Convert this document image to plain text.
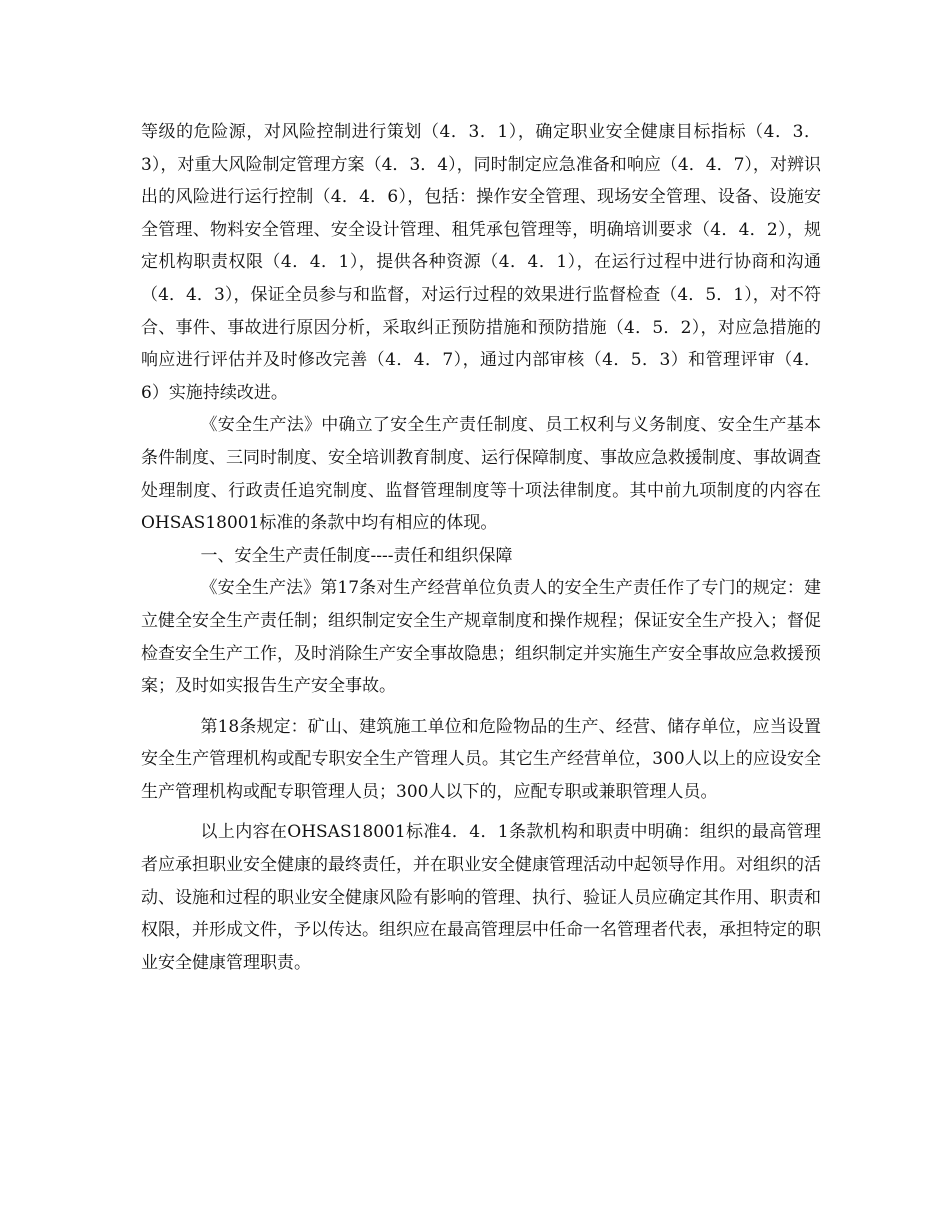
等级的危险源，对风险控制进行策划（4．3．1），确定职业安全健康目标指标（4．3．3），对重大风险制定管理方案（4．3．4），同时制定应急准备和响应（4．4．7），对辨识出的风险进行运行控制（4．4．6），包括：操作安全管理、现场安全管理、设备、设施安全管理、物料安全管理、安全设计管理、租凭承包管理等，明确培训要求（4．4．2），规定机构职责权限（4．4．1），提供各种资源（4．4．1），在运行过程中进行协商和沟通（4．4．3），保证全员参与和监督，对运行过程的效果进行监督检查（4．5．1），对不符合、事件、事故进行原因分析，采取纠正预防措施和预防措施（4．5．2），对应急措施的响应进行评估并及时修改完善（4．4．7），通过内部审核（4．5．3）和管理评审（4．6）实施持续改进。

《安全生产法》中确立了安全生产责任制度、员工权利与义务制度、安全生产基本条件制度、三同时制度、安全培训教育制度、运行保障制度、事故应急救援制度、事故调查处理制度、行政责任追究制度、监督管理制度等十项法律制度。其中前九项制度的内容在OHSAS18001标准的条款中均有相应的体现。

一、安全生产责任制度----责任和组织保障

《安全生产法》第17条对生产经营单位负责人的安全生产责任作了专门的规定：建立健全安全生产责任制；组织制定安全生产规章制度和操作规程；保证安全生产投入；督促检查安全生产工作，及时消除生产安全事故隐患；组织制定并实施生产安全事故应急救援预案；及时如实报告生产安全事故。

第18条规定：矿山、建筑施工单位和危险物品的生产、经营、储存单位，应当设置安全生产管理机构或配专职安全生产管理人员。其它生产经营单位，300人以上的应设安全生产管理机构或配专职管理人员；300人以下的，应配专职或兼职管理人员。

以上内容在OHSAS18001标准4．4．1条款机构和职责中明确：组织的最高管理者应承担职业安全健康的最终责任，并在职业安全健康管理活动中起领导作用。对组织的活动、设施和过程的职业安全健康风险有影响的管理、执行、验证人员应确定其作用、职责和权限，并形成文件，予以传达。组织应在最高管理层中任命一名管理者代表，承担特定的职业安全健康管理职责。
